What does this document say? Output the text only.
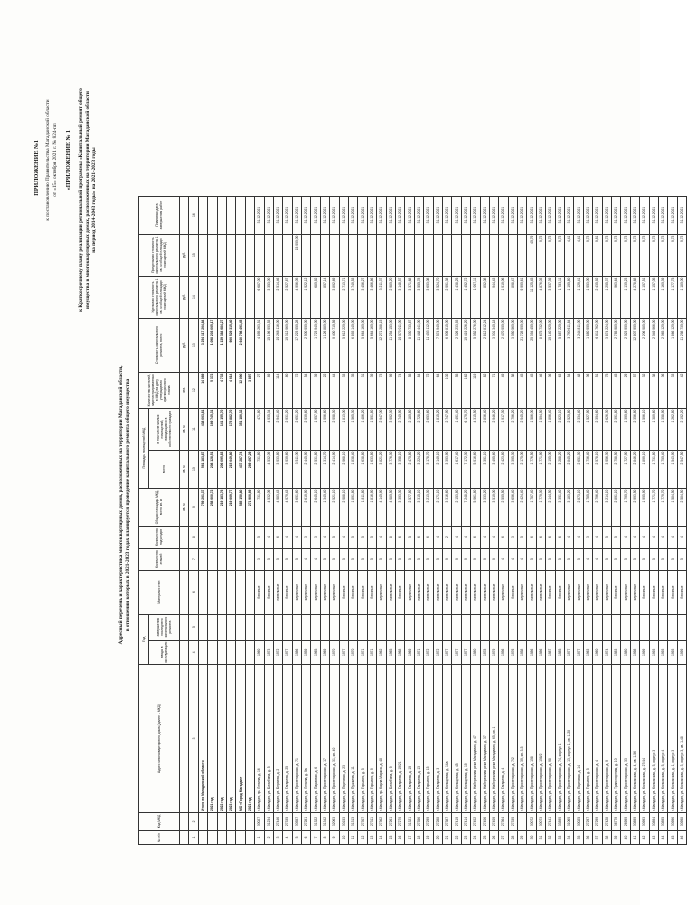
ПРИЛОЖЕНИЕ №1 к постановлению Правительства Магаданской области от «15» октября 2021 г. № 824-пп «ПРИЛОЖЕНИЕ № 1 к Краткосрочному плану реализации региональной программы «Капитальный ремонт общего имущества в многоквартирных домах, расположенных на территории Магаданской области на период 2014-2043 годы» на 2021-2023 годы
Адресный перечень и характеристика многоквартирных домов, расположенных на территории Магаданской области, в отношении которых в 2021-2023 годах планируется проведение капитального ремонта общего имущества
№ п/п	Код МКД	Адрес многоквартирного дома (далее - МКД)	Год		Материал стен	Количество этажей	Количество подъездов	Общая площадь МКД, всего кв. м	Площадь помещений МКД		Количество жителей, зарегистрированных в МКД на дату утверждения краткосрочного плана	Стоимость капитального ремонта, всего	Удельная стоимость капитального ремонта 1 кв. м общей площади помещений МКД	Предельная стоимость капитального ремонта 1 кв. м общей площади помещений МКД	Плановая дата завершения работ
			ввода в эксплуатацию	завершения последнего капитального ремонта					всего	в том числе жилых помещений, находящихся в собственности граждан					
								кв. м	кв. м	кв. м	чел.	руб.	руб.	руб.	
1	2	3	4	5	6	7	8	9	10	11	12	13	14	15	16
		Итого по Магаданской области						759 261,37	561 183,87	438 063,81	14 089	3 254 117 264,84			
		2021 год						258 600,72	208 128,51	169 745,31	5 372	1 098 203 065,17			
		2022 год						219 183,76	206 095,83	141 155,70	4 733	1 139 384 684,27			
		2023 год						219 669,77	215 649,80	175 882,70	4 614	966 529 315,40			
		МО «Город Магадан»						585 150,80	437 287,74	351 186,32	12 090	2 640 798 491,45			
		2021 год						271 906,69	269 497,29		3 897				
1	30027	г.Магадан, пр. Ленина, д. 16	1960		блочные	3	5	731,80	731,80	471,80	27	4 895 263,51	6 687,00		31.12.2021
2	31234	г.Магадан, ул. Билибина, д. 5	1973		блочные	5	4	4 532,09	4 532,09	4 035,34	89	15 196 003,53	3 353,00		31.12.2021
3	27446	г.Магадан, ул. Берзина, д. 2	1972		панельные	5	6	4 083,43	3 033,80	2 941,40	114	10 268 116,00	2 514,46		31.12.2021
4	27335	г.Магадан, ул. Гагарина, д. 25	1977		блочные	5	4	4 079,43	3 039,60	2 931,20	80	10 312 060,00	2 527,87		31.12.2021
5	30557	г.Магадан, ул. Пролетарская, д. 71	1986		кирпичные	5	4	3 601,60	3 511,00	2 651,20	72	17 223 050,28	4 906,05	15 000,00	31.12.2021
6	27281	г.Магадан, ул. Ленина, д. 9а	1959		кирпичные	4	3	2 619,90	2 445,90	2 039,60	54	2 500 000,00	1 022,12		31.12.2021
7	31322	г.Магадан, ул. Парковая, д. 6	1965		кирпичные	4	3	2 645,10	2 531,80	1 957,90	39	1 723 940,00	680,92		31.12.2021
8	31342	г.Магадан, ул. Пролетарская, д. 17	1969		кирпичные	5	4	1 340,40	1 314,70	1 096,60	22	1 126 880,00	857,14		31.12.2021
9	32063	г.Магадан, ул. Пролетарская, д. 31, кв. 40	1970		кирпичные	5	5	2 521,10	2 414,90	2 008,30	44	9 400 710,59	3 892,69		31.12.2021
10	30153	г.Магадан, ул. Портовая, д. 23	1977		блочные	5	4	2 088,10	2 068,10	1 813,00	33	5 612 220,00	2 713,71		31.12.2021
11	31313	г.Магадан, ул. Пушкина, д. 11	1970		блочные	5	5	1 891,80	1 838,40	1 565,30	35	6 893 140,00	3 749,53		31.12.2021
12	27307	г.Магадан, ул. Горького, д. 5	1971		блочные	5	5	1 811,80	1 638,80	1 486,20	31	5 664 160,00	3 456,27		31.12.2021
13	27311	г.Магадан, ул. Горького, д. 9	1971		блочные	5	5	1 816,90	1 633,80	1 501,80	39	5 664 160,00	3 466,86		31.12.2021
14	27362	г.Магадан, пр. Карла Маркса, д. 48	1962		кирпичные	5	4	4 140,90	3 821,20	2 947,00	73	12 271 288,15	3 211,37		31.12.2021
15	27261	г.Магадан, ул. Билибина, д. 9	1965		панельные	5	8	4 080,50	3 776,30	3 092,30	99	11 254 153,00	2 980,20		31.12.2021
16	27270	г.Магадан, ул. Гагарина, д. 19/21	1968		блочные	5	6	3 393,30	3 358,10	2 740,90	74	10 573 011,00	3 148,57		31.12.2021
17	31321	г.Магадан, ул. Гагарина, д. 19	1969		кирпичные	5	5	2 577,80	2 470,80	2 180,80	55	8 330 733,87	3 371,68		31.12.2021
18	27356	г.Магадан, ул. Гагарина, д. 13	1971		панельные	5	6	3 315,10	3 224,20	2 728,60	84	11 448 441,00	3 550,78		31.12.2021
19	27299	г.Магадан, ул. Горького, д. 15	1972		панельные	5	6	3 213,30	3 178,70	2 653,60	72	11 453 112,00	3 603,08		31.12.2021
20	27288	г.Магадан, ул. Гагарина, д. 3	1972		панельные	5	4	2 171,10	2 149,10	1 815,20	64	7 574 940,00	3 524,70		31.12.2021
21	27387	г.Магадан, ул. Кольцевая, д. 14а	1977		панельные	9	2	3 316,60	3 303,90	2 747,90	102	6 909 815,00	2 091,38		31.12.2021
22	27419	г.Магадан, ул. Кольцевая, д. 45	1977		панельные	9	4	2 153,80	1 617,40	1 491,40	55	2 326 233,93	1 438,25		31.12.2021
23	27414	г.Магадан, ул. Кольцевая, д. 19	1977		панельные	9	4	7 248,20	7 172,30	6 179,70	162	10 419 226,20	1 452,72		31.12.2021
24	27402	г.Магадан, ул. Набережная реки Магаданки, д. 47	1980		панельные	9	6	5 061,80	5 016,60	4 315,50	119	5 052 276,00	1 007,11		31.12.2021
25	27406	г.Магадан, ул. Набережная реки Магаданки, д. 37	1978		панельные	9	4	3 333,20	3 301,10	2 836,40	82	2 812 812,24	852,08		31.12.2021
26	27409	г.Магадан, ул. Набережная реки Магаданки, д. 65, кв. 1	1979		панельные	9	4	3 519,00	3 495,60	2 946,20	71	3 301 340,18	944,43		31.12.2021
27	27364	г.Магадан, ул. Гагарина, д. 4	1956		кирпичные	4	6	2 500,50	2 423,80	1 917,30	49	2 470 000,00	1 019,06		31.12.2021
28	27330	г.Магадан, ул. Пролетарская, д. 7/2	1976		блочные	4	3	3 606,40	3 395,30	2 796,20	58	3 050 560,00	898,47		31.12.2021
29		г.Магадан, ул. Пролетарская, д. 39, кв. 3-5	1958		кирпичные	4	5	2 424,40	2 175,00	2 045,20	45	21 728 000,00	9 990,61		31.12.2021
30	30072	г.Магадан, ул. Пролетарская, д. 108	1986		панельные	5	6	1 787,40	1 776,50	1 586,00	45	20 394 450,00	11 125,45	40,79	31.12.2021
31	30073	г.Магадан, ул. Пролетарская, д. 108/2	1986		панельные	5	6	1 779,30	1 771,90	1 594,50	46	8 675 732,00	4 876,03	9,73	31.12.2021
32	27441	г.Магадан, ул. Пролетарская, д. 98	1987		блочные	5	6	2 144,50	2 105,00	1 896,40	36	10 140 920,00	3 537,39	9,73	31.12.2021
33	33890	г.Магадан, ул. Пролетарская, д. 74, корпус 1	1985		блочные	5	6	3 301,40	3 288,20	2 823,10	63	5 887 220,00	1 783,11	9,73	31.12.2021
34	31060	г.Магадан, ул. Пролетарская, д. 13, корпус 1, кв. 1-28	1977		кирпичные	5	4	3 183,20	2 845,20	2 520,80	54	3 790 611,84	1 190,80	4,41	31.12.2021
35	30025	г.Магадан, ул. Портовая, д. 14	1977		кирпичные	5	4	2 873,10	2 651,30	2 334,40	48	3 244 811,00	1 129,41	4,41	31.12.2021
36	27297	г.Магадан, ул. Горького, д. 5	1963		кирпичные	4	3	1 785,40	1 736,40	1 527,90	36	1 880 000,00	1 053,00	9,73	31.12.2021
37	27299	г.Магадан, ул. Пролетарская, д. 4	1960		кирпичные	4	4	2 796,40	2 578,10	2 304,60	51	6 811 762,00	2 435,92	9,81	31.12.2021
38	27428	г.Магадан, ул. Пролетарская, д. 9	1974		кирпичные	5	5	3 214,10	3 056,30	2 626,30	75	3 874 224,00	1 205,37	9,73	31.12.2021
39	36779	г.Магадан, ул. Транспортная, д. 10	1983		блочные	5	5	2 891,10	2 758,50	2 391,80	45	2 785 980,00	963,64	9,73	31.12.2021
40	26999	г.Магадан, ул. Пролетарская, д. 33	1980		кирпичные	5	4	1 790,70	1 727,90	1 390,60	29	2 023 900,00	1 130,23	9,73	31.12.2021
41	30899	г.Магадан, ул. Колымская, д. 4, кв. 1-56	1998		кирпичные	5	4	2 993,50	2 846,20	2 356,80	57	12 807 900,00	4 278,68	9,73	31.12.2021
42	30993	г.Магадан, ул. Колымская, д. 27/44	1999		блочные	5	4	1 905,90	1 899,10	1 596,10	32	2 206 085,00	1 157,51	9,73	31.12.2021
43	30894	г.Магадан, ул. Колымская, д. 5, корпус 3	1993		блочные	5	4	1 771,70	1 731,80	1 389,60	38	2 049 966,00	1 157,05	9,73	31.12.2021
44	30895	г.Магадан, ул. Колымская, д. 5, корпус 4	1993		блочные	5	4	1 779,70	1 750,40	1 358,90	36	2 065 120,00	1 160,39	9,73	31.12.2021
45	30996	г.Магадан, ул. Колымская, д. 1, корпус 3	1993		блочные	5	4	1 584,50	1 543,90	1 262,80	33	1 866 120,00	1 177,75	9,73	31.12.2021
46	30998	г.Магадан, ул. Колымская, д. 3, корпус 3, кв. 1-48	1999		блочные	5	4	2 584,50	2 547,50	2 102,20	42	11 298 730,00	1 180,00	9,73	31.12.2021
